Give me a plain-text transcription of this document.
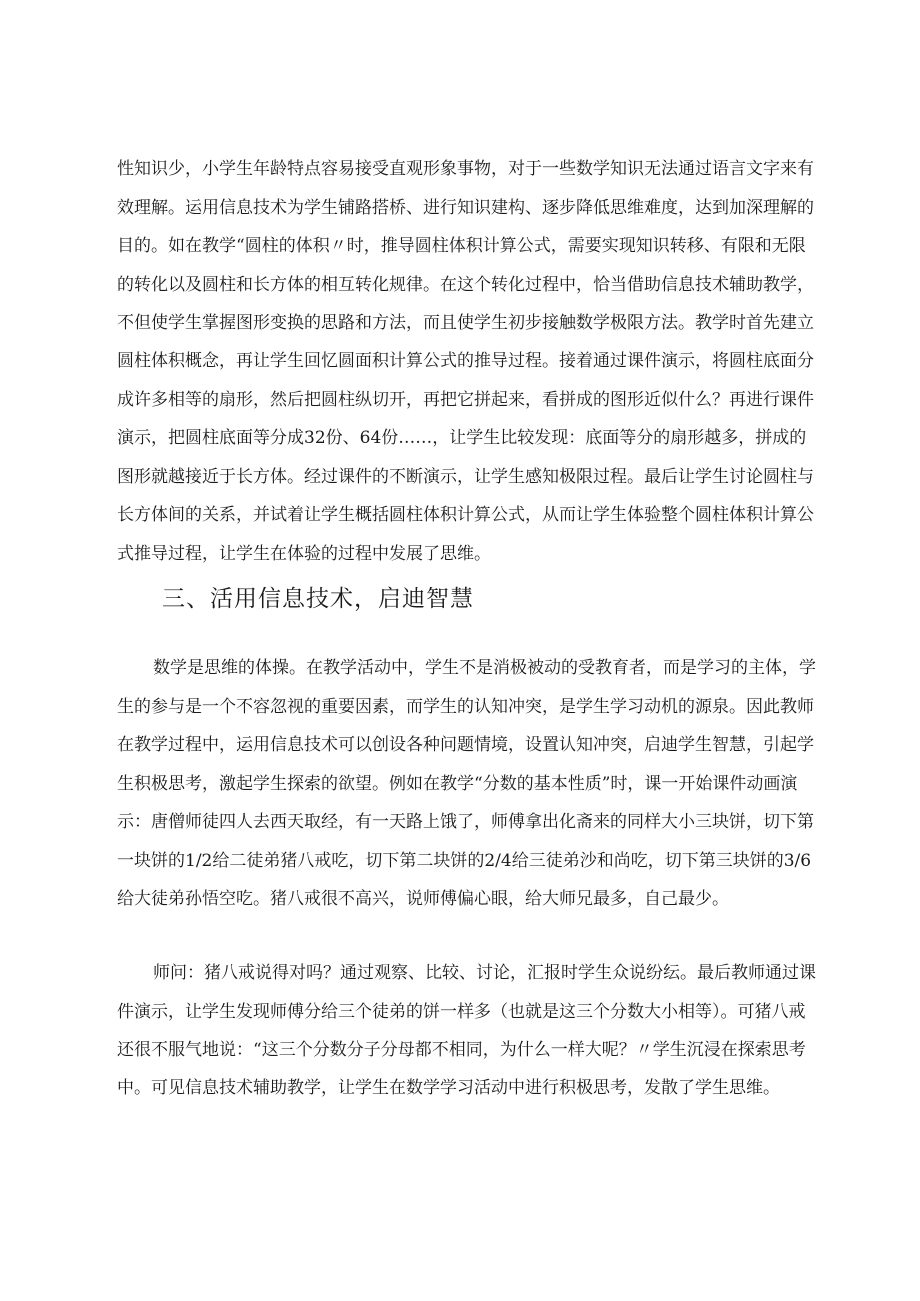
性知识少，小学生年龄特点容易接受直观形象事物，对于一些数学知识无法通过语言文字来有
效理解。运用信息技术为学生铺路搭桥、进行知识建构、逐步降低思维难度，达到加深理解的
目的。如在教学“圆柱的体积〃时，推导圆柱体积计算公式，需要实现知识转移、有限和无限
的转化以及圆柱和长方体的相互转化规律。在这个转化过程中，恰当借助信息技术辅助教学，
不但使学生掌握图形变换的思路和方法，而且使学生初步接触数学极限方法。教学时首先建立
圆柱体积概念，再让学生回忆圆面积计算公式的推导过程。接着通过课件演示，将圆柱底面分
成许多相等的扇形，然后把圆柱纵切开，再把它拼起来，看拼成的图形近似什么？再进行课件
演示，把圆柱底面等分成32份、64份……，让学生比较发现：底面等分的扇形越多，拼成的
图形就越接近于长方体。经过课件的不断演示，让学生感知极限过程。最后让学生讨论圆柱与
长方体间的关系，并试着让学生概括圆柱体积计算公式，从而让学生体验整个圆柱体积计算公
式推导过程，让学生在体验的过程中发展了思维。
三、活用信息技术，启迪智慧
数学是思维的体操。在教学活动中，学生不是消极被动的受教育者，而是学习的主体，学
生的参与是一个不容忽视的重要因素，而学生的认知冲突，是学生学习动机的源泉。因此教师
在教学过程中，运用信息技术可以创设各种问题情境，设置认知冲突，启迪学生智慧，引起学
生积极思考，激起学生探索的欲望。例如在教学“分数的基本性质”时，课一开始课件动画演
示：唐僧师徒四人去西天取经，有一天路上饿了，师傅拿出化斋来的同样大小三块饼，切下第
一块饼的1/2给二徒弟猪八戒吃，切下第二块饼的2/4给三徒弟沙和尚吃，切下第三块饼的3/6
给大徒弟孙悟空吃。猪八戒很不高兴，说师傅偏心眼，给大师兄最多，自己最少。
师问：猪八戒说得对吗？通过观察、比较、讨论，汇报时学生众说纷纭。最后教师通过课
件演示，让学生发现师傅分给三个徒弟的饼一样多（也就是这三个分数大小相等）。可猪八戒
还很不服气地说：“这三个分数分子分母都不相同，为什么一样大呢？〃学生沉浸在探索思考
中。可见信息技术辅助教学，让学生在数学学习活动中进行积极思考，发散了学生思维。
